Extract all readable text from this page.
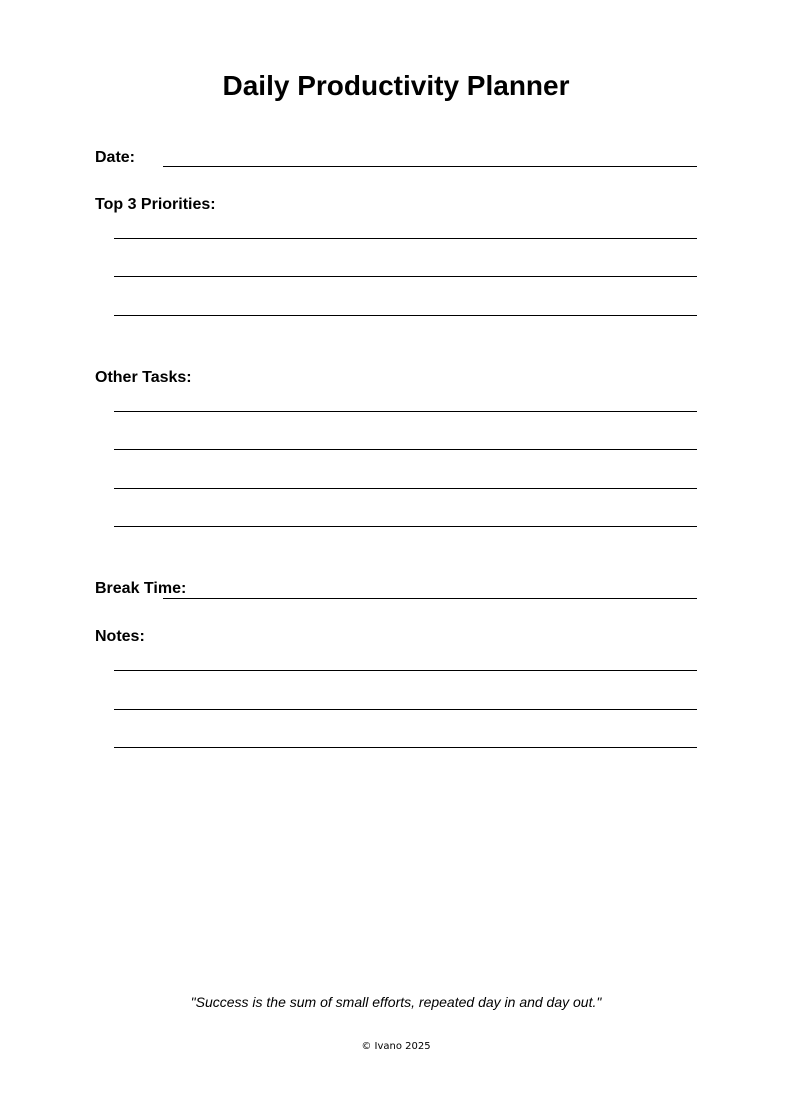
Daily Productivity Planner
Date:
Top 3 Priorities:
Other Tasks:
Break Time:
Notes:
"Success is the sum of small efforts, repeated day in and day out."
© Ivano 2025
